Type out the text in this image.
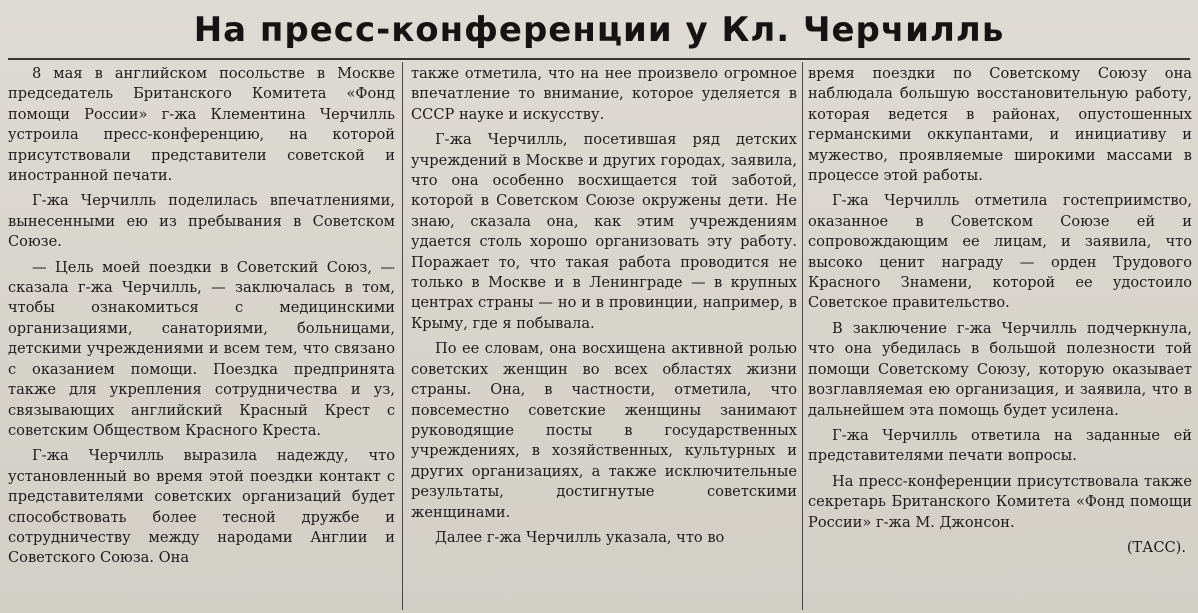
На пресс-конференции у Кл. Черчилль

8 мая в английском посольстве в Москве председатель Британского Комитета «Фонд помощи России» г-жа Клементина Черчилль устроила пресс-конференцию, на которой присутствовали представители советской и иностранной печати.

Г-жа Черчилль поделилась впечатлениями, вынесенными ею из пребывания в Советском Союзе.

— Цель моей поездки в Советский Союз, — сказала г-жа Черчилль, — заключалась в том, чтобы ознакомиться с медицинскими организациями, санаториями, больницами, детскими учреждениями и всем тем, что связано с оказанием помощи. Поездка предпринята также для укрепления сотрудничества и уз, связывающих английский Красный Крест с советским Обществом Красного Креста.

Г-жа Черчилль выразила надежду, что установленный во время этой поездки контакт с представителями советских организаций будет способствовать более тесной дружбе и сотрудничеству между народами Англии и Советского Союза. Она

также отметила, что на нее произвело огромное впечатление то внимание, которое уделяется в СССР науке и искусству.

Г-жа Черчилль, посетившая ряд детских учреждений в Москве и других городах, заявила, что она особенно восхищается той заботой, которой в Советском Союзе окружены дети. Не знаю, сказала она, как этим учреждениям удается столь хорошо организовать эту работу. Поражает то, что такая работа проводится не только в Москве и в Ленинграде — в крупных центрах страны — но и в провинции, например, в Крыму, где я побывала.

По ее словам, она восхищена активной ролью советских женщин во всех областях жизни страны. Она, в частности, отметила, что повсеместно советские женщины занимают руководящие посты в государственных учреждениях, в хозяйственных, культурных и других организациях, а также исключительные результаты, достигнутые советскими женщинами.

Далее г-жа Черчилль указала, что во

время поездки по Советскому Союзу она наблюдала большую восстановительную работу, которая ведется в районах, опустошенных германскими оккупантами, и инициативу и мужество, проявляемые широкими массами в процессе этой работы.

Г-жа Черчилль отметила гостеприимство, оказанное в Советском Союзе ей и сопровождающим ее лицам, и заявила, что высоко ценит награду — орден Трудового Красного Знамени, которой ее удостоило Советское правительство.

В заключение г-жа Черчилль подчеркнула, что она убедилась в большой полезности той помощи Советскому Союзу, которую оказывает возглавляемая ею организация, и заявила, что в дальнейшем эта помощь будет усилена.

Г-жа Черчилль ответила на заданные ей представителями печати вопросы.

На пресс-конференции присутствовала также секретарь Британского Комитета «Фонд помощи России» г-жа М. Джонсон.

(ТАСС).
